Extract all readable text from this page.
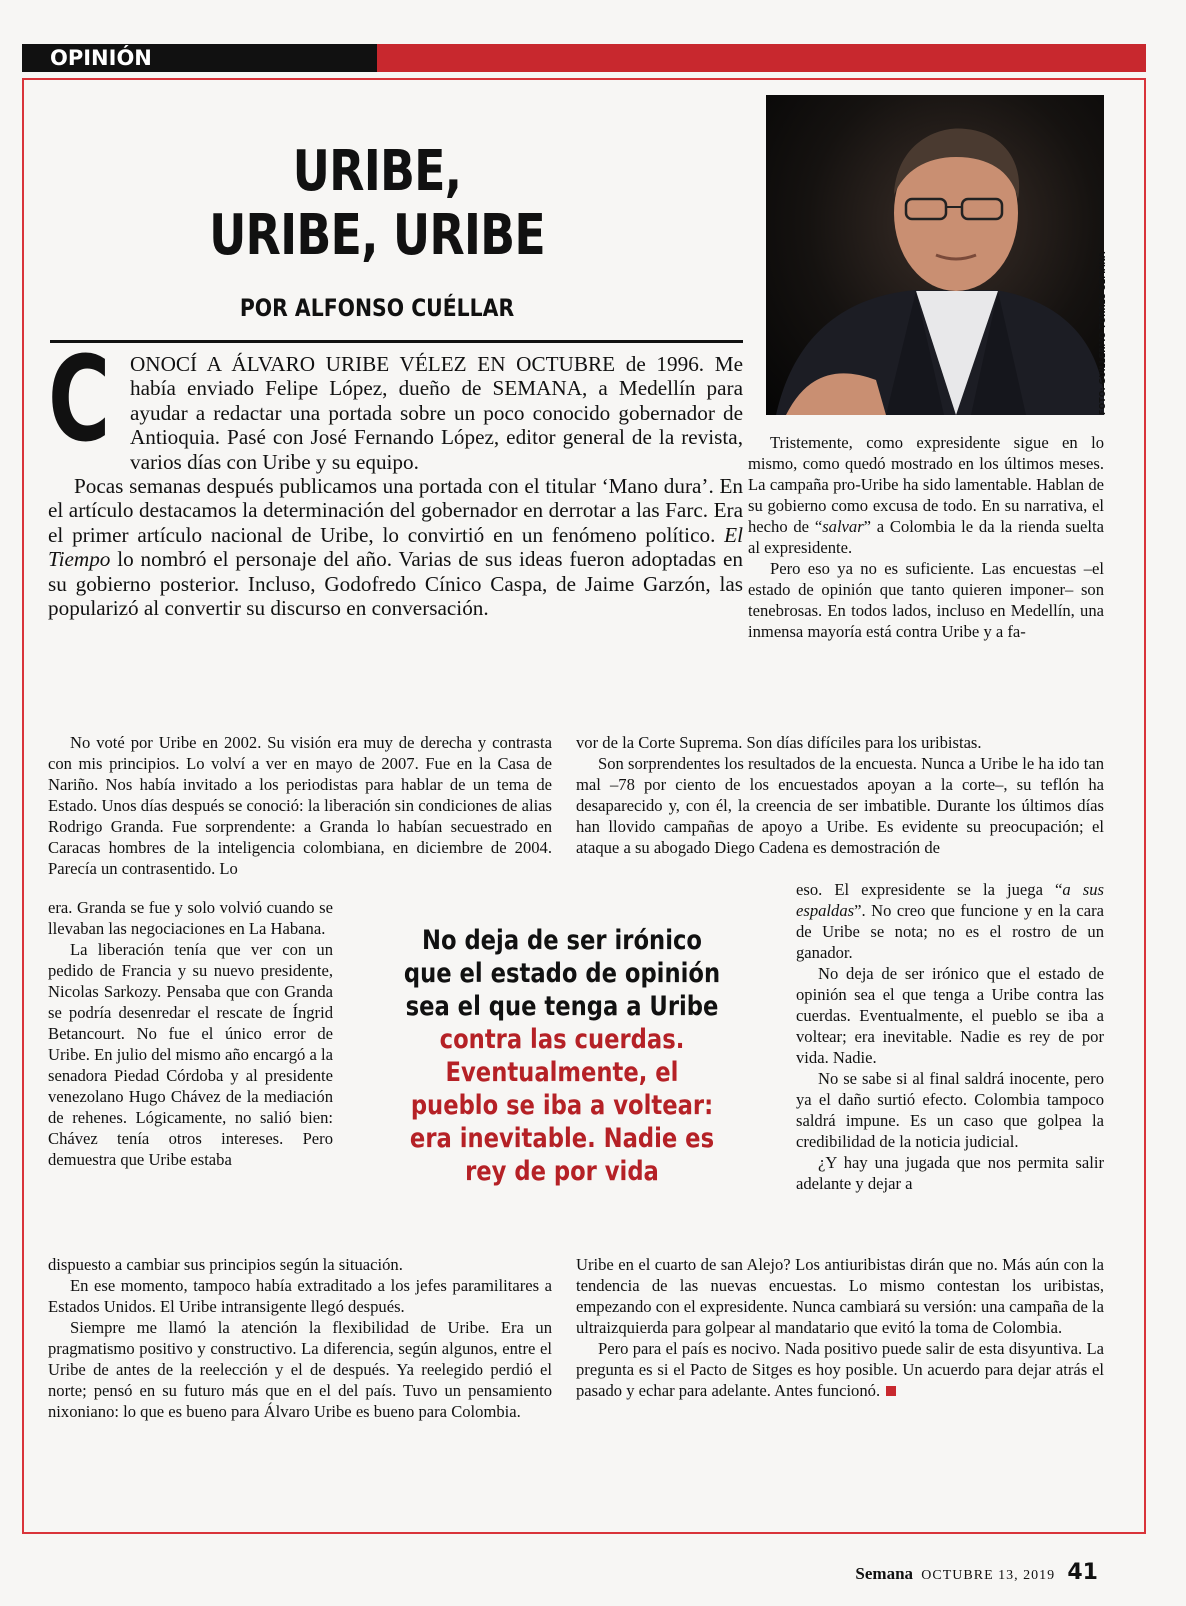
OPINIÓN
FOTO: GUILLERMO TORRES-SEMANA
URIBE,
URIBE, URIBE
POR ALFONSO CUÉLLAR
C ONOCÍ A ÁLVARO URIBE VÉLEZ EN OCTUBRE de 1996. Me había enviado Felipe López, dueño de SEMANA, a Medellín para ayudar a redactar una portada sobre un poco conocido gobernador de Antioquia. Pasé con José Fernando López, editor general de la revista, varios días con Uribe y su equipo.

Pocas semanas después publicamos una portada con el titular ‘Mano dura’. En el artículo destacamos la determinación del gobernador en derrotar a las Farc. Era el primer artículo nacional de Uribe, lo convirtió en un fenómeno político. El Tiempo lo nombró el personaje del año. Varias de sus ideas fueron adoptadas en su gobierno posterior. Incluso, Godofredo Cínico Caspa, de Jaime Garzón, las popularizó al convertir su discurso en conversación.

Tristemente, como expresidente sigue en lo mismo, como quedó mostrado en los últimos meses. La campaña pro-Uribe ha sido lamentable. Hablan de su gobierno como excusa de todo. En su narrativa, el hecho de “salvar” a Colombia le da la rienda suelta al expresidente.

Pero eso ya no es suficiente. Las encuestas –el estado de opinión que tanto quieren imponer– son tenebrosas. En todos lados, incluso en Medellín, una inmensa mayoría está contra Uribe y a fa-

No voté por Uribe en 2002. Su visión era muy de derecha y contrasta con mis principios. Lo volví a ver en mayo de 2007. Fue en la Casa de Nariño. Nos había invitado a los periodistas para hablar de un tema de Estado. Unos días después se conoció: la liberación sin condiciones de alias Rodrigo Granda. Fue sorprendente: a Granda lo habían secuestrado en Caracas hombres de la inteligencia colombiana, en diciembre de 2004. Parecía un contrasentido. Lo

era. Granda se fue y solo volvió cuando se llevaban las negociaciones en La Habana.

La liberación tenía que ver con un pedido de Francia y su nuevo presidente, Nicolas Sarkozy. Pensaba que con Granda se podría desenredar el rescate de Íngrid Betancourt. No fue el único error de Uribe. En julio del mismo año encargó a la senadora Piedad Córdoba y al presidente venezolano Hugo Chávez de la mediación de rehenes. Lógicamente, no salió bien: Chávez tenía otros intereses. Pero demuestra que Uribe estaba

dispuesto a cambiar sus principios según la situación.

En ese momento, tampoco había extraditado a los jefes paramilitares a Estados Unidos. El Uribe intransigente llegó después.

Siempre me llamó la atención la flexibilidad de Uribe. Era un pragmatismo positivo y constructivo. La diferencia, según algunos, entre el Uribe de antes de la reelección y el de después. Ya reelegido perdió el norte; pensó en su futuro más que en el del país. Tuvo un pensamiento nixoniano: lo que es bueno para Álvaro Uribe es bueno para Colombia.

vor de la Corte Suprema. Son días difíciles para los uribistas.

Son sorprendentes los resultados de la encuesta. Nunca a Uribe le ha ido tan mal –78 por ciento de los encuestados apoyan a la corte–, su teflón ha desaparecido y, con él, la creencia de ser imbatible. Durante los últimos días han llovido campañas de apoyo a Uribe. Es evidente su preocupación; el ataque a su abogado Diego Cadena es demostración de

eso. El expresidente se la juega “a sus espaldas”. No creo que funcione y en la cara de Uribe se nota; no es el rostro de un ganador.

No deja de ser irónico que el estado de opinión sea el que tenga a Uribe contra las cuerdas. Eventualmente, el pueblo se iba a voltear; era inevitable. Nadie es rey de por vida. Nadie.

No se sabe si al final saldrá inocente, pero ya el daño surtió efecto. Colombia tampoco saldrá impune. Es un caso que golpea la credibilidad de la noticia judicial.

¿Y hay una jugada que nos permita salir adelante y dejar a

Uribe en el cuarto de san Alejo? Los antiuribistas dirán que no. Más aún con la tendencia de las nuevas encuestas. Lo mismo contestan los uribistas, empezando con el expresidente. Nunca cambiará su versión: una campaña de la ultraizquierda para golpear al mandatario que evitó la toma de Colombia.

Pero para el país es nocivo. Nada positivo puede salir de esta disyuntiva. La pregunta es si el Pacto de Sitges es hoy posible. Un acuerdo para dejar atrás el pasado y echar para adelante. Antes funcionó.

No deja de ser irónico que el estado de opinión sea el que tenga a Uribe
contra las cuerdas. Eventualmente, el pueblo se iba a voltear: era inevitable. Nadie es rey de por vida
Semana OCTUBRE 13, 2019 41
